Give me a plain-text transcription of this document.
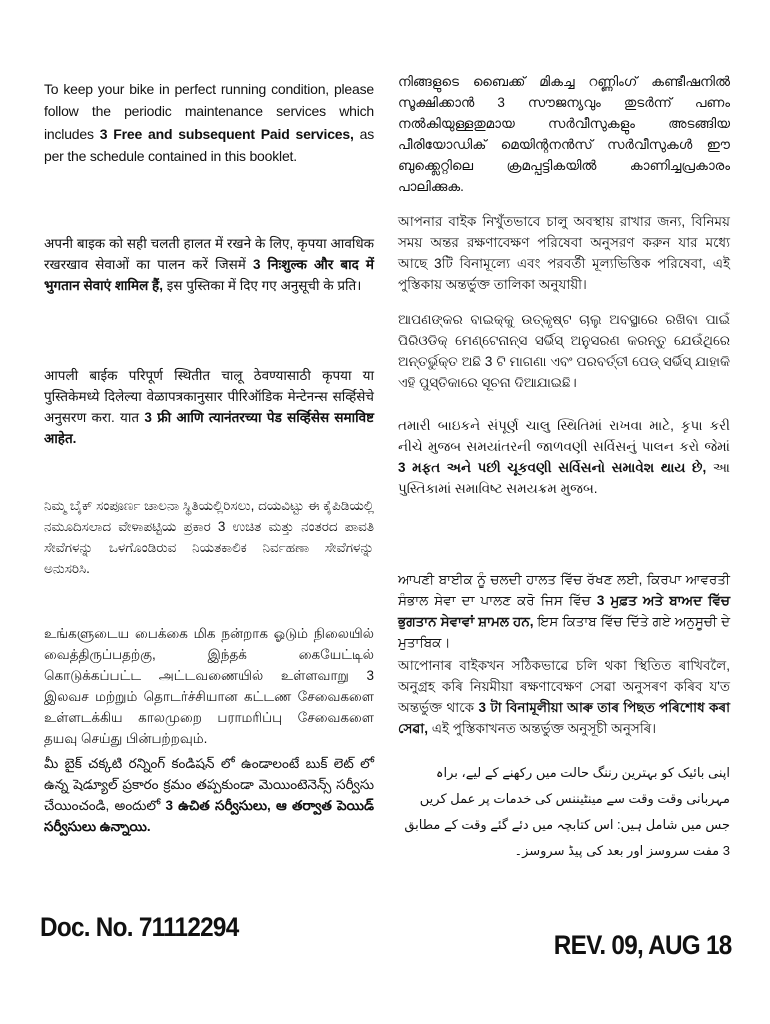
To keep your bike in perfect running condition, please follow the periodic maintenance services which includes 3 Free and subsequent Paid services, as per the schedule contained in this booklet.

अपनी बाइक को सही चलती हालत में रखने के लिए, कृपया आवधिक रखरखाव सेवाओं का पालन करें जिसमें 3 निःशुल्क और बाद में भुगतान सेवाएं शामिल हैं, इस पुस्तिका में दिए गए अनुसूची के प्रति।

आपली बाईक परिपूर्ण स्थितीत चालू ठेवण्यासाठी कृपया या पुस्तिकेमध्ये दिलेल्या वेळापत्रकानुसार पीरिऑडिक मेन्टेनन्स सर्व्हिसेचे अनुसरण करा. यात 3 फ्री आणि त्यानंतरच्या पेड सर्व्हिसेस समाविष्ट आहेत.

ನಿಮ್ಮ ಬೈಕ್ ಸಂಪೂರ್ಣ ಚಾಲನಾ ಸ್ಥಿತಿಯಲ್ಲಿರಿಸಲು, ದಯವಿಟ್ಟು ಈ ಕೈಪಿಡಿಯಲ್ಲಿ ನಮೂದಿಸಲಾದ ವೇಳಾಪಟ್ಟಿಯ ಪ್ರಕಾರ 3 ಉಚಿತ ಮತ್ತು ನಂತರದ ಪಾವತಿ ಸೇವೆಗಳನ್ನು ಒಳಗೊಂಡಿರುವ ನಿಯತಕಾಲಿಕ ನಿರ್ವಹಣಾ ಸೇವೆಗಳನ್ನು ಅನುಸರಿಸಿ.

உங்களுடைய பைக்கை மிக நன்றாக ஓடும் நிலையில் வைத்திருப்பதற்கு, இந்தக் கையேட்டில் கொடுக்கப்பட்ட அட்டவணையில் உள்ளவாறு 3 இலவச மற்றும் தொடர்ச்சியான கட்டண சேவைகளை உள்ளடக்கிய காலமுறை பராமரிப்பு சேவைகளை தயவு செய்து பின்பற்றவும்.

మీ బైక్ చక్కటి రన్నింగ్ కండిషన్ లో ఉండాలంటే బుక్ లెట్ లో ఉన్న షెడ్యూల్ ప్రకారం క్రమం తప్పకుండా మెయింటెనెన్స్ సర్వీసు చేయించండి, అందులో 3 ఉచిత సర్వీసులు, ఆ తర్వాత పెయిడ్ సర్వీసులు ఉన్నాయి.

നിങ്ങളുടെ ബൈക്ക് മികച്ച റണ്ണിംഗ് കണ്ടീഷനിൽ സൂക്ഷിക്കാൻ 3 സൗജന്യവും തുടർന്ന് പണം നൽകിയുള്ളതുമായ സർവീസുകളും അടങ്ങിയ പീരിയോഡിക് മെയിന്റനൻസ് സർവീസുകൾ ഈ ബുക്ക്ലെറ്റിലെ ക്രമപ്പട്ടികയിൽ കാണിച്ചപ്രകാരം പാലിക്കുക.

আপনার বাইক নিখুঁতভাবে চালু অবস্থায় রাখার জন্য, বিনিময় সময় অন্তর রক্ষণাবেক্ষণ পরিষেবা অনুসরণ করুন যার মধ্যে আছে 3টি বিনামূল্যে এবং পরবর্তী মূল্যভিত্তিক পরিষেবা, এই পুস্তিকায় অন্তর্ভুক্ত তালিকা অনুযায়ী।

ଆପଣଙ୍କର ବାଇକ୍‌କୁ ଉତ୍କୃଷ୍ଟ ଚାଲୁ ଅବସ୍ଥାରେ ରଖିବା ପାଇଁ ପିରିଓଡିକ୍ ମେଣ୍ଟେନାନ୍ସ ସର୍ଭିସ୍ ଅନୁସରଣ କରନ୍ତୁ ଯେଉଁଥିରେ ଅନ୍ତର୍ଭୁକ୍ତ ଅଛି 3 ଟି ମାଗଣା ଏବଂ ପରବର୍ତ୍ତୀ ପେଡ୍ ସର୍ଭିସ୍ ଯାହାକି ଏହି ପୁସ୍ତିକାରେ ସୂଚନା ଦିଆଯାଇଛି।

તમારી બાઇકને સંપૂર્ણ ચાલુ સ્થિતિમાં રાખવા માટે, કૃપા કરી નીચે મુજબ સમયાંતરની જાળવણી સર્વિસનું પાલન કરો જેમાં 3 મફત અને પછી ચૂકવણી સર્વિસનો સમાવેશ થાય છે, આ પુસ્તિકામાં સમાવિષ્ટ સમયક્રમ મુજબ.

ਆਪਣੀ ਬਾਈਕ ਨੂੰ ਚਲਦੀ ਹਾਲਤ ਵਿੱਚ ਰੱਖਣ ਲਈ, ਕਿਰਪਾ ਆਵਰਤੀ ਸੰਭਾਲ ਸੇਵਾ ਦਾ ਪਾਲਣ ਕਰੋ ਜਿਸ ਵਿੱਚ 3 ਮੁਫ਼ਤ ਅਤੇ ਬਾਅਦ ਵਿੱਚ ਭੁਗਤਾਨ ਸੇਵਾਵਾਂ ਸ਼ਾਮਲ ਹਨ, ਇਸ ਕਿਤਾਬ ਵਿੱਚ ਦਿੱਤੇ ਗਏ ਅਨੁਸੂਚੀ ਦੇ ਮੁਤਾਬਿਕ।

আপোনাৰ বাইকখন সঠিকভাৱে চলি থকা স্থিতিত ৰাখিবলৈ, অনুগ্ৰহ কৰি নিয়মীয়া ৰক্ষণাবেক্ষণ সেৱা অনুসৰণ কৰিব য'ত অন্তৰ্ভুক্ত থাকে 3 টা বিনামূলীয়া আৰু তাৰ পিছত পৰিশোধ কৰা সেৱা, এই পুস্তিকাখনত অন্তৰ্ভুক্ত অনুসূচী অনুসৰি।

اپنی بائیک کو بہترین رننگ حالت میں رکھنے کے لیے، براہ مہربانی وقت وقت سے مینٹیننس کی خدمات پر عمل کریں جس میں شامل ہیں: اس کتابچہ میں دئے گئے وقت کے مطابق 3 مفت سروسز اور بعد کی پیڈ سروسز۔

Doc. No. 71112294
REV. 09, AUG 18
